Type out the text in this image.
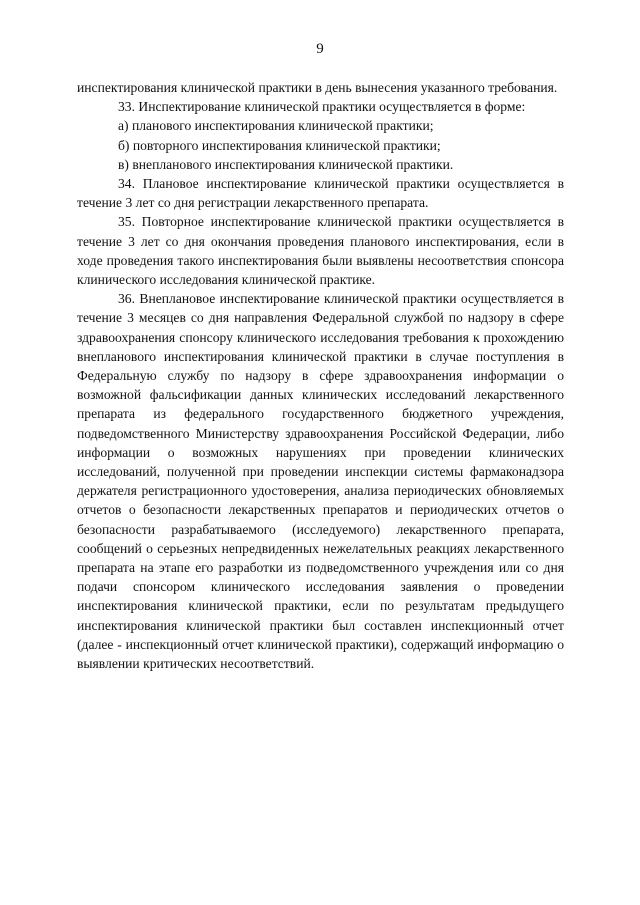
9

инспектирования клинической практики в день вынесения указанного требования.

33. Инспектирование клинической практики осуществляется в форме:

а) планового инспектирования клинической практики;

б) повторного инспектирования клинической практики;

в) внепланового инспектирования клинической практики.

34. Плановое инспектирование клинической практики осуществляется в течение 3 лет со дня регистрации лекарственного препарата.

35. Повторное инспектирование клинической практики осуществляется в течение 3 лет со дня окончания проведения планового инспектирования, если в ходе проведения такого инспектирования были выявлены несоответствия спонсора клинического исследования клинической практике.

36. Внеплановое инспектирование клинической практики осуществляется в течение 3 месяцев со дня направления Федеральной службой по надзору в сфере здравоохранения спонсору клинического исследования требования к прохождению внепланового инспектирования клинической практики в случае поступления в Федеральную службу по надзору в сфере здравоохранения информации о возможной фальсификации данных клинических исследований лекарственного препарата из федерального государственного бюджетного учреждения, подведомственного Министерству здравоохранения Российской Федерации, либо информации о возможных нарушениях при проведении клинических исследований, полученной при проведении инспекции системы фармаконадзора держателя регистрационного удостоверения, анализа периодических обновляемых отчетов о безопасности лекарственных препаратов и периодических отчетов о безопасности разрабатываемого (исследуемого) лекарственного препарата, сообщений о серьезных непредвиденных нежелательных реакциях лекарственного препарата на этапе его разработки из подведомственного учреждения или со дня подачи спонсором клинического исследования заявления о проведении инспектирования клинической практики, если по результатам предыдущего инспектирования клинической практики был составлен инспекционный отчет (далее - инспекционный отчет клинической практики), содержащий информацию о выявлении критических несоответствий.
